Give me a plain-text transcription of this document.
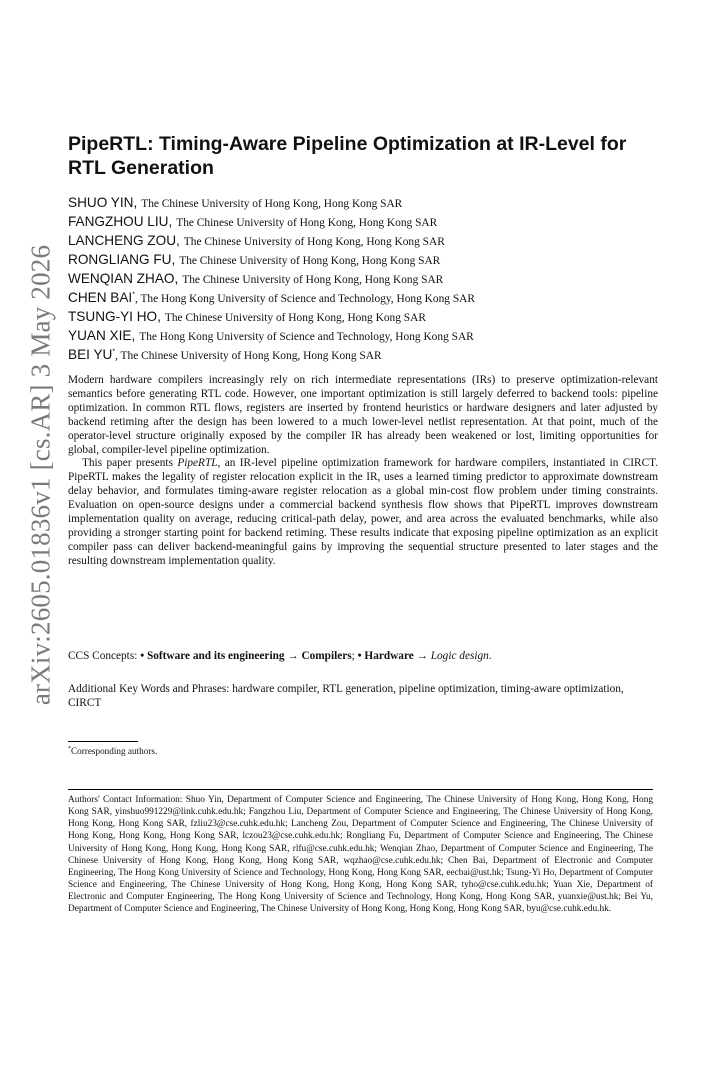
arXiv:2605.01836v1 [cs.AR] 3 May 2026
PipeRTL: Timing-Aware Pipeline Optimization at IR-Level for RTL Generation
SHUO YIN, The Chinese University of Hong Kong, Hong Kong SAR
FANGZHOU LIU, The Chinese University of Hong Kong, Hong Kong SAR
LANCHENG ZOU, The Chinese University of Hong Kong, Hong Kong SAR
RONGLIANG FU, The Chinese University of Hong Kong, Hong Kong SAR
WENQIAN ZHAO, The Chinese University of Hong Kong, Hong Kong SAR
CHEN BAI*, The Hong Kong University of Science and Technology, Hong Kong SAR
TSUNG-YI HO, The Chinese University of Hong Kong, Hong Kong SAR
YUAN XIE, The Hong Kong University of Science and Technology, Hong Kong SAR
BEI YU*, The Chinese University of Hong Kong, Hong Kong SAR

Modern hardware compilers increasingly rely on rich intermediate representations (IRs) to preserve optimization-relevant semantics before generating RTL code. However, one important optimization is still largely deferred to backend tools: pipeline optimization. In common RTL flows, registers are inserted by frontend heuristics or hardware designers and later adjusted by backend retiming after the design has been lowered to a much lower-level netlist representation. At that point, much of the operator-level structure originally exposed by the compiler IR has already been weakened or lost, limiting opportunities for global, compiler-level pipeline optimization.

This paper presents PipeRTL, an IR-level pipeline optimization framework for hardware compilers, instantiated in CIRCT. PipeRTL makes the legality of register relocation explicit in the IR, uses a learned timing predictor to approximate downstream delay behavior, and formulates timing-aware register relocation as a global min-cost flow problem under timing constraints. Evaluation on open-source designs under a commercial backend synthesis flow shows that PipeRTL improves downstream implementation quality on average, reducing critical-path delay, power, and area across the evaluated benchmarks, while also providing a stronger starting point for backend retiming. These results indicate that exposing pipeline optimization as an explicit compiler pass can deliver backend-meaningful gains by improving the sequential structure presented to later stages and the resulting downstream implementation quality.

CCS Concepts: • Software and its engineering → Compilers; • Hardware → Logic design.
Additional Key Words and Phrases: hardware compiler, RTL generation, pipeline optimization, timing-aware optimization, CIRCT
*Corresponding authors.
Authors' Contact Information: Shuo Yin, Department of Computer Science and Engineering, The Chinese University of Hong Kong, Hong Kong, Hong Kong SAR, yinshuo991229@link.cuhk.edu.hk; Fangzhou Liu, Department of Computer Science and Engineering, The Chinese University of Hong Kong, Hong Kong, Hong Kong SAR, fzliu23@cse.cuhk.edu.hk; Lancheng Zou, Department of Computer Science and Engineering, The Chinese University of Hong Kong, Hong Kong, Hong Kong SAR, lczou23@cse.cuhk.edu.hk; Rongliang Fu, Department of Computer Science and Engineering, The Chinese University of Hong Kong, Hong Kong, Hong Kong SAR, rlfu@cse.cuhk.edu.hk; Wenqian Zhao, Department of Computer Science and Engineering, The Chinese University of Hong Kong, Hong Kong, Hong Kong SAR, wqzhao@cse.cuhk.edu.hk; Chen Bai, Department of Electronic and Computer Engineering, The Hong Kong University of Science and Technology, Hong Kong, Hong Kong SAR, eecbai@ust.hk; Tsung-Yi Ho, Department of Computer Science and Engineering, The Chinese University of Hong Kong, Hong Kong, Hong Kong SAR, tyho@cse.cuhk.edu.hk; Yuan Xie, Department of Electronic and Computer Engineering, The Hong Kong University of Science and Technology, Hong Kong, Hong Kong SAR, yuanxie@ust.hk; Bei Yu, Department of Computer Science and Engineering, The Chinese University of Hong Kong, Hong Kong, Hong Kong SAR, byu@cse.cuhk.edu.hk.
